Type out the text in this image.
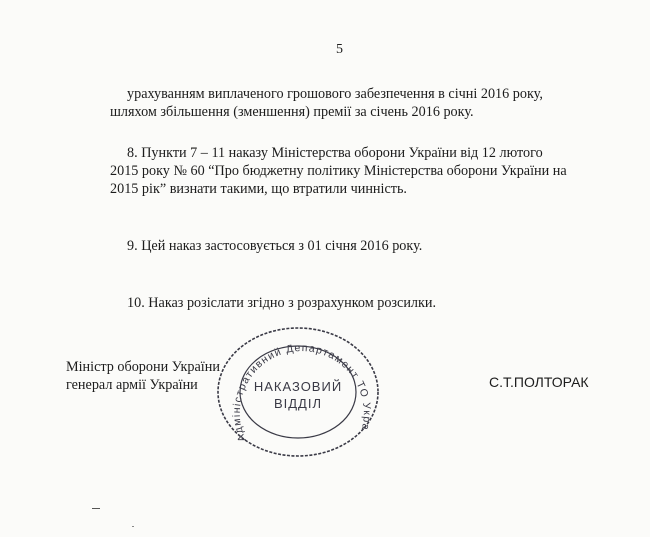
5

урахуванням виплаченого грошового забезпечення в січні 2016 року,

шляхом збільшення (зменшення) премії за січень 2016 року.

8. Пункти 7 – 11 наказу Міністерства оборони України від 12 лютого

2015 року № 60 “Про бюджетну політику Міністерства оборони України на

2015 рік” визнати такими, що втратили чинність.

9. Цей наказ застосовується з 01 січня 2016 року.

10. Наказ розіслати згідно з розрахунком розсилки.

Міністр оборони України

генерал армії України	С.Т.ПОЛТОРАК

Адміністративний Департамент ТО України
НАКАЗОВИЙ
ВІДДІЛ
